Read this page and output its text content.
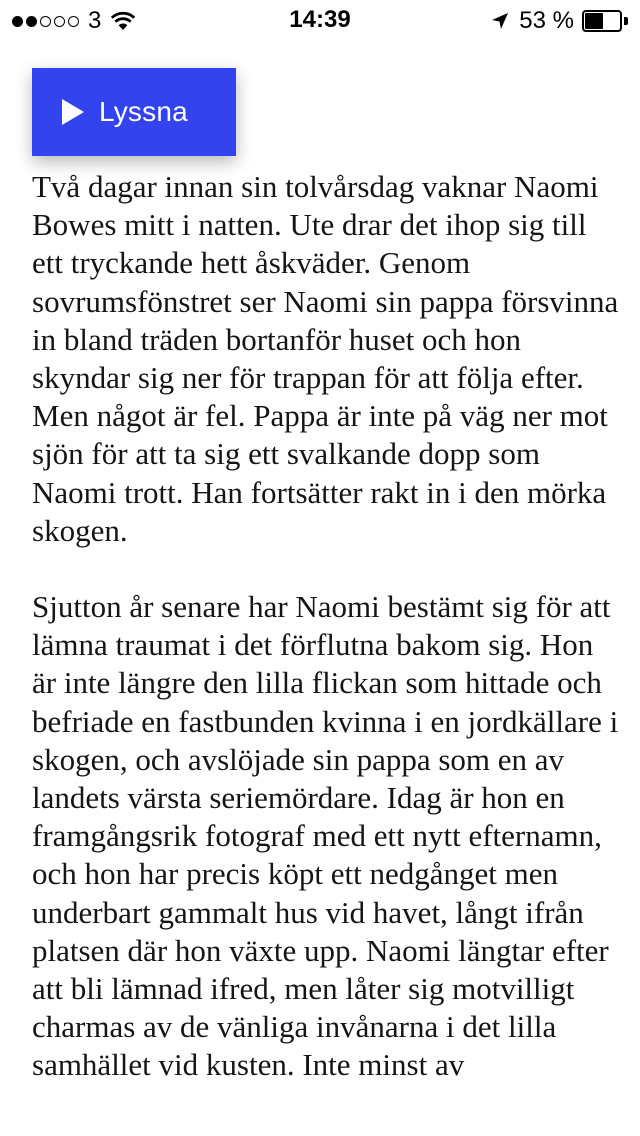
3	14:39	53 %
Lyssna

Två dagar innan sin tolvårsdag vaknar Naomi Bowes mitt i natten. Ute drar det ihop sig till ett tryckande hett åskväder. Genom sovrumsfönstret ser Naomi sin pappa försvinna in bland träden bortanför huset och hon skyndar sig ner för trappan för att följa efter. Men något är fel. Pappa är inte på väg ner mot sjön för att ta sig ett svalkande dopp som Naomi trott. Han fortsätter rakt in i den mörka skogen.

Sjutton år senare har Naomi bestämt sig för att lämna traumat i det förflutna bakom sig. Hon är inte längre den lilla flickan som hittade och befriade en fastbunden kvinna i en jordkällare i skogen, och avslöjade sin pappa som en av landets värsta seriemördare. Idag är hon en framgångsrik fotograf med ett nytt efternamn, och hon har precis köpt ett nedgånget men underbart gammalt hus vid havet, långt ifrån platsen där hon växte upp. Naomi längtar efter att bli lämnad ifred, men låter sig motvilligt charmas av de vänliga invånarna i det lilla samhället vid kusten. Inte minst av
